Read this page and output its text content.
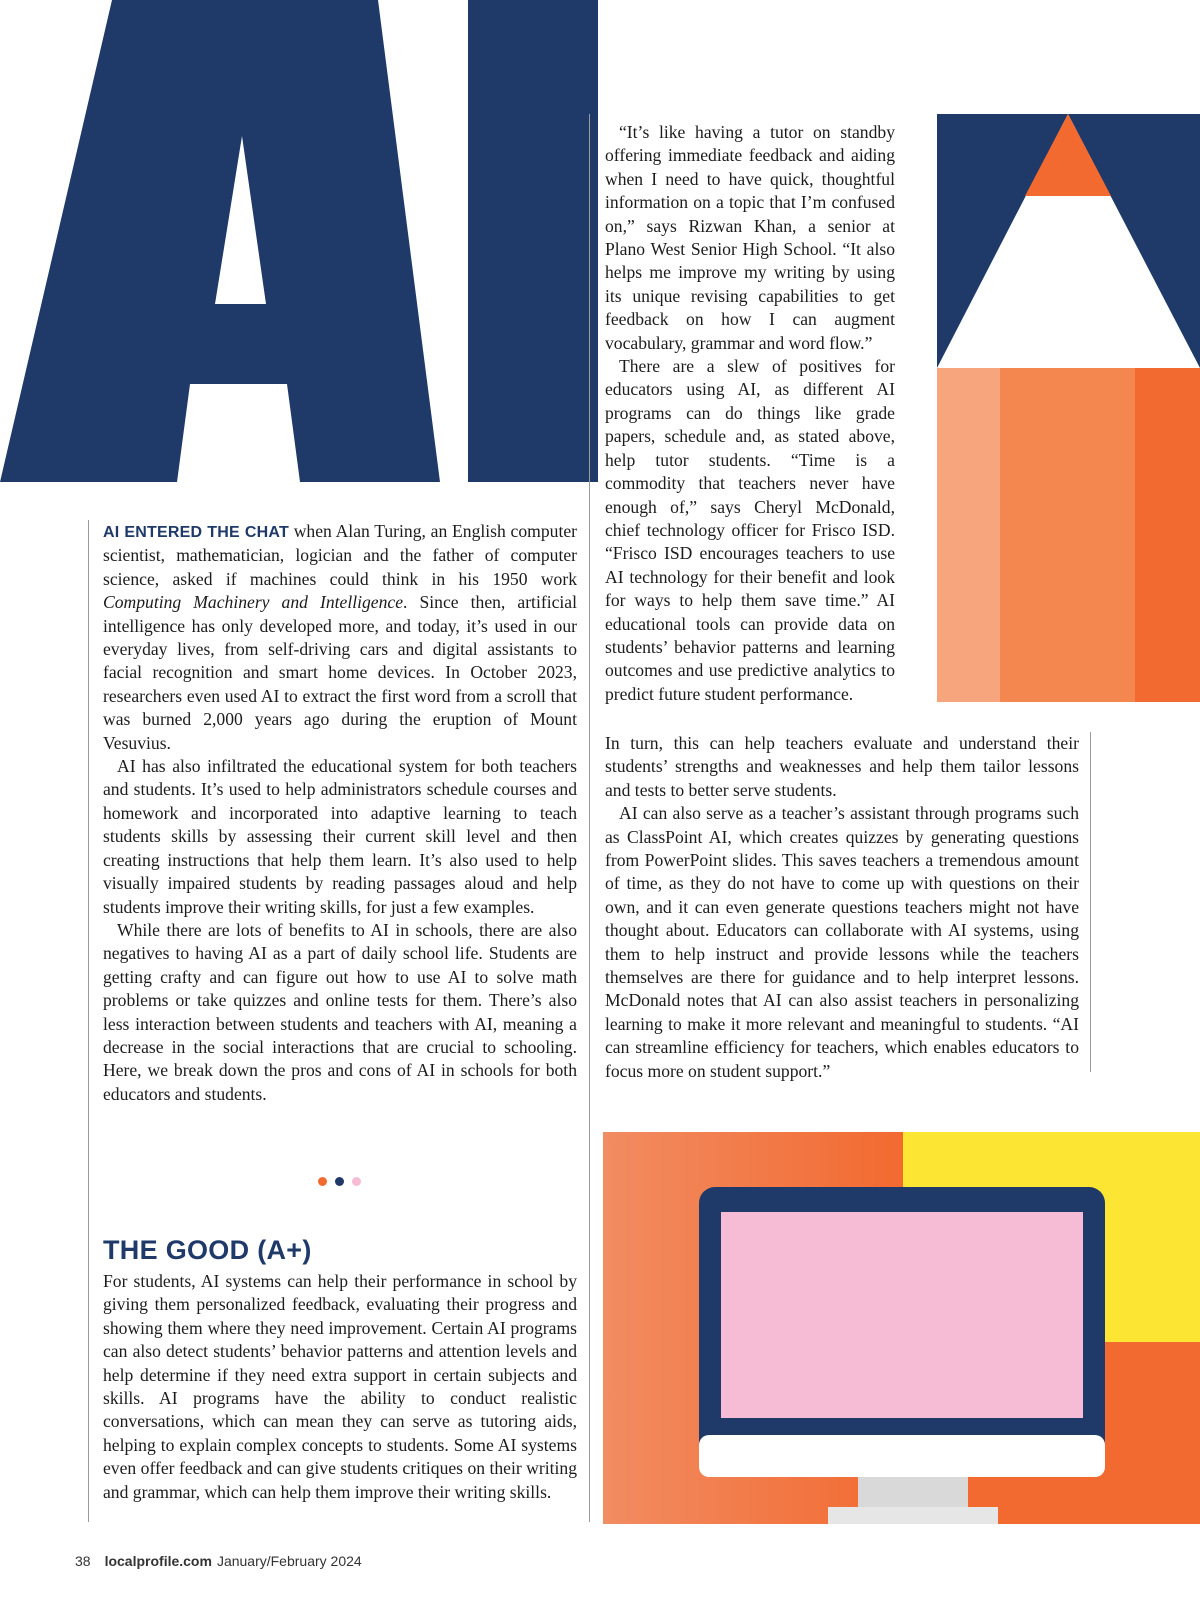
AI ENTERED THE CHAT when Alan Turing, an English computer scientist, mathematician, logician and the father of computer science, asked if machines could think in his 1950 work Computing Machinery and Intelligence. Since then, artificial intelligence has only developed more, and today, it’s used in our everyday lives, from self-driving cars and digital assistants to facial recognition and smart home devices. In October 2023, researchers even used AI to extract the first word from a scroll that was burned 2,000 years ago during the eruption of Mount Vesuvius.

AI has also infiltrated the educational system for both teachers and students. It’s used to help administrators schedule courses and homework and incorporated into adaptive learning to teach students skills by assessing their current skill level and then creating instructions that help them learn. It’s also used to help visually impaired students by reading passages aloud and help students improve their writing skills, for just a few examples.

While there are lots of benefits to AI in schools, there are also negatives to having AI as a part of daily school life. Students are getting crafty and can figure out how to use AI to solve math problems or take quizzes and online tests for them. There’s also less interaction between students and teachers with AI, meaning a decrease in the social interactions that are crucial to schooling. Here, we break down the pros and cons of AI in schools for both educators and students.

THE GOOD (A+)

For students, AI systems can help their performance in school by giving them personalized feedback, evaluating their progress and showing them where they need improvement. Certain AI programs can also detect students’ behavior patterns and attention levels and help determine if they need extra support in certain subjects and skills. AI programs have the ability to conduct realistic conversations, which can mean they can serve as tutoring aids, helping to explain complex concepts to students. Some AI systems even offer feedback and can give students critiques on their writing and grammar, which can help them improve their writing skills.

“It’s like having a tutor on standby offering immediate feedback and aiding when I need to have quick, thoughtful information on a topic that I’m confused on,” says Rizwan Khan, a senior at Plano West Senior High School. “It also helps me improve my writing by using its unique revising capabilities to get feedback on how I can augment vocabulary, grammar and word flow.”

There are a slew of positives for educators using AI, as different AI programs can do things like grade papers, schedule and, as stated above, help tutor students. “Time is a commodity that teachers never have enough of,” says Cheryl McDonald, chief technology officer for Frisco ISD. “Frisco ISD encourages teachers to use AI technology for their benefit and look for ways to help them save time.” AI educational tools can provide data on students’ behavior patterns and learning outcomes and use predictive analytics to predict future student performance.

In turn, this can help teachers evaluate and understand their students’ strengths and weaknesses and help them tailor lessons and tests to better serve students.

AI can also serve as a teacher’s assistant through programs such as ClassPoint AI, which creates quizzes by generating questions from PowerPoint slides. This saves teachers a tremendous amount of time, as they do not have to come up with questions on their own, and it can even generate questions teachers might not have thought about. Educators can collaborate with AI systems, using them to help instruct and provide lessons while the teachers themselves are there for guidance and to help interpret lessons. McDonald notes that AI can also assist teachers in personalizing learning to make it more relevant and meaningful to students. “AI can streamline efficiency for teachers, which enables educators to focus more on student support.”

38 localprofile.com January/February 2024
